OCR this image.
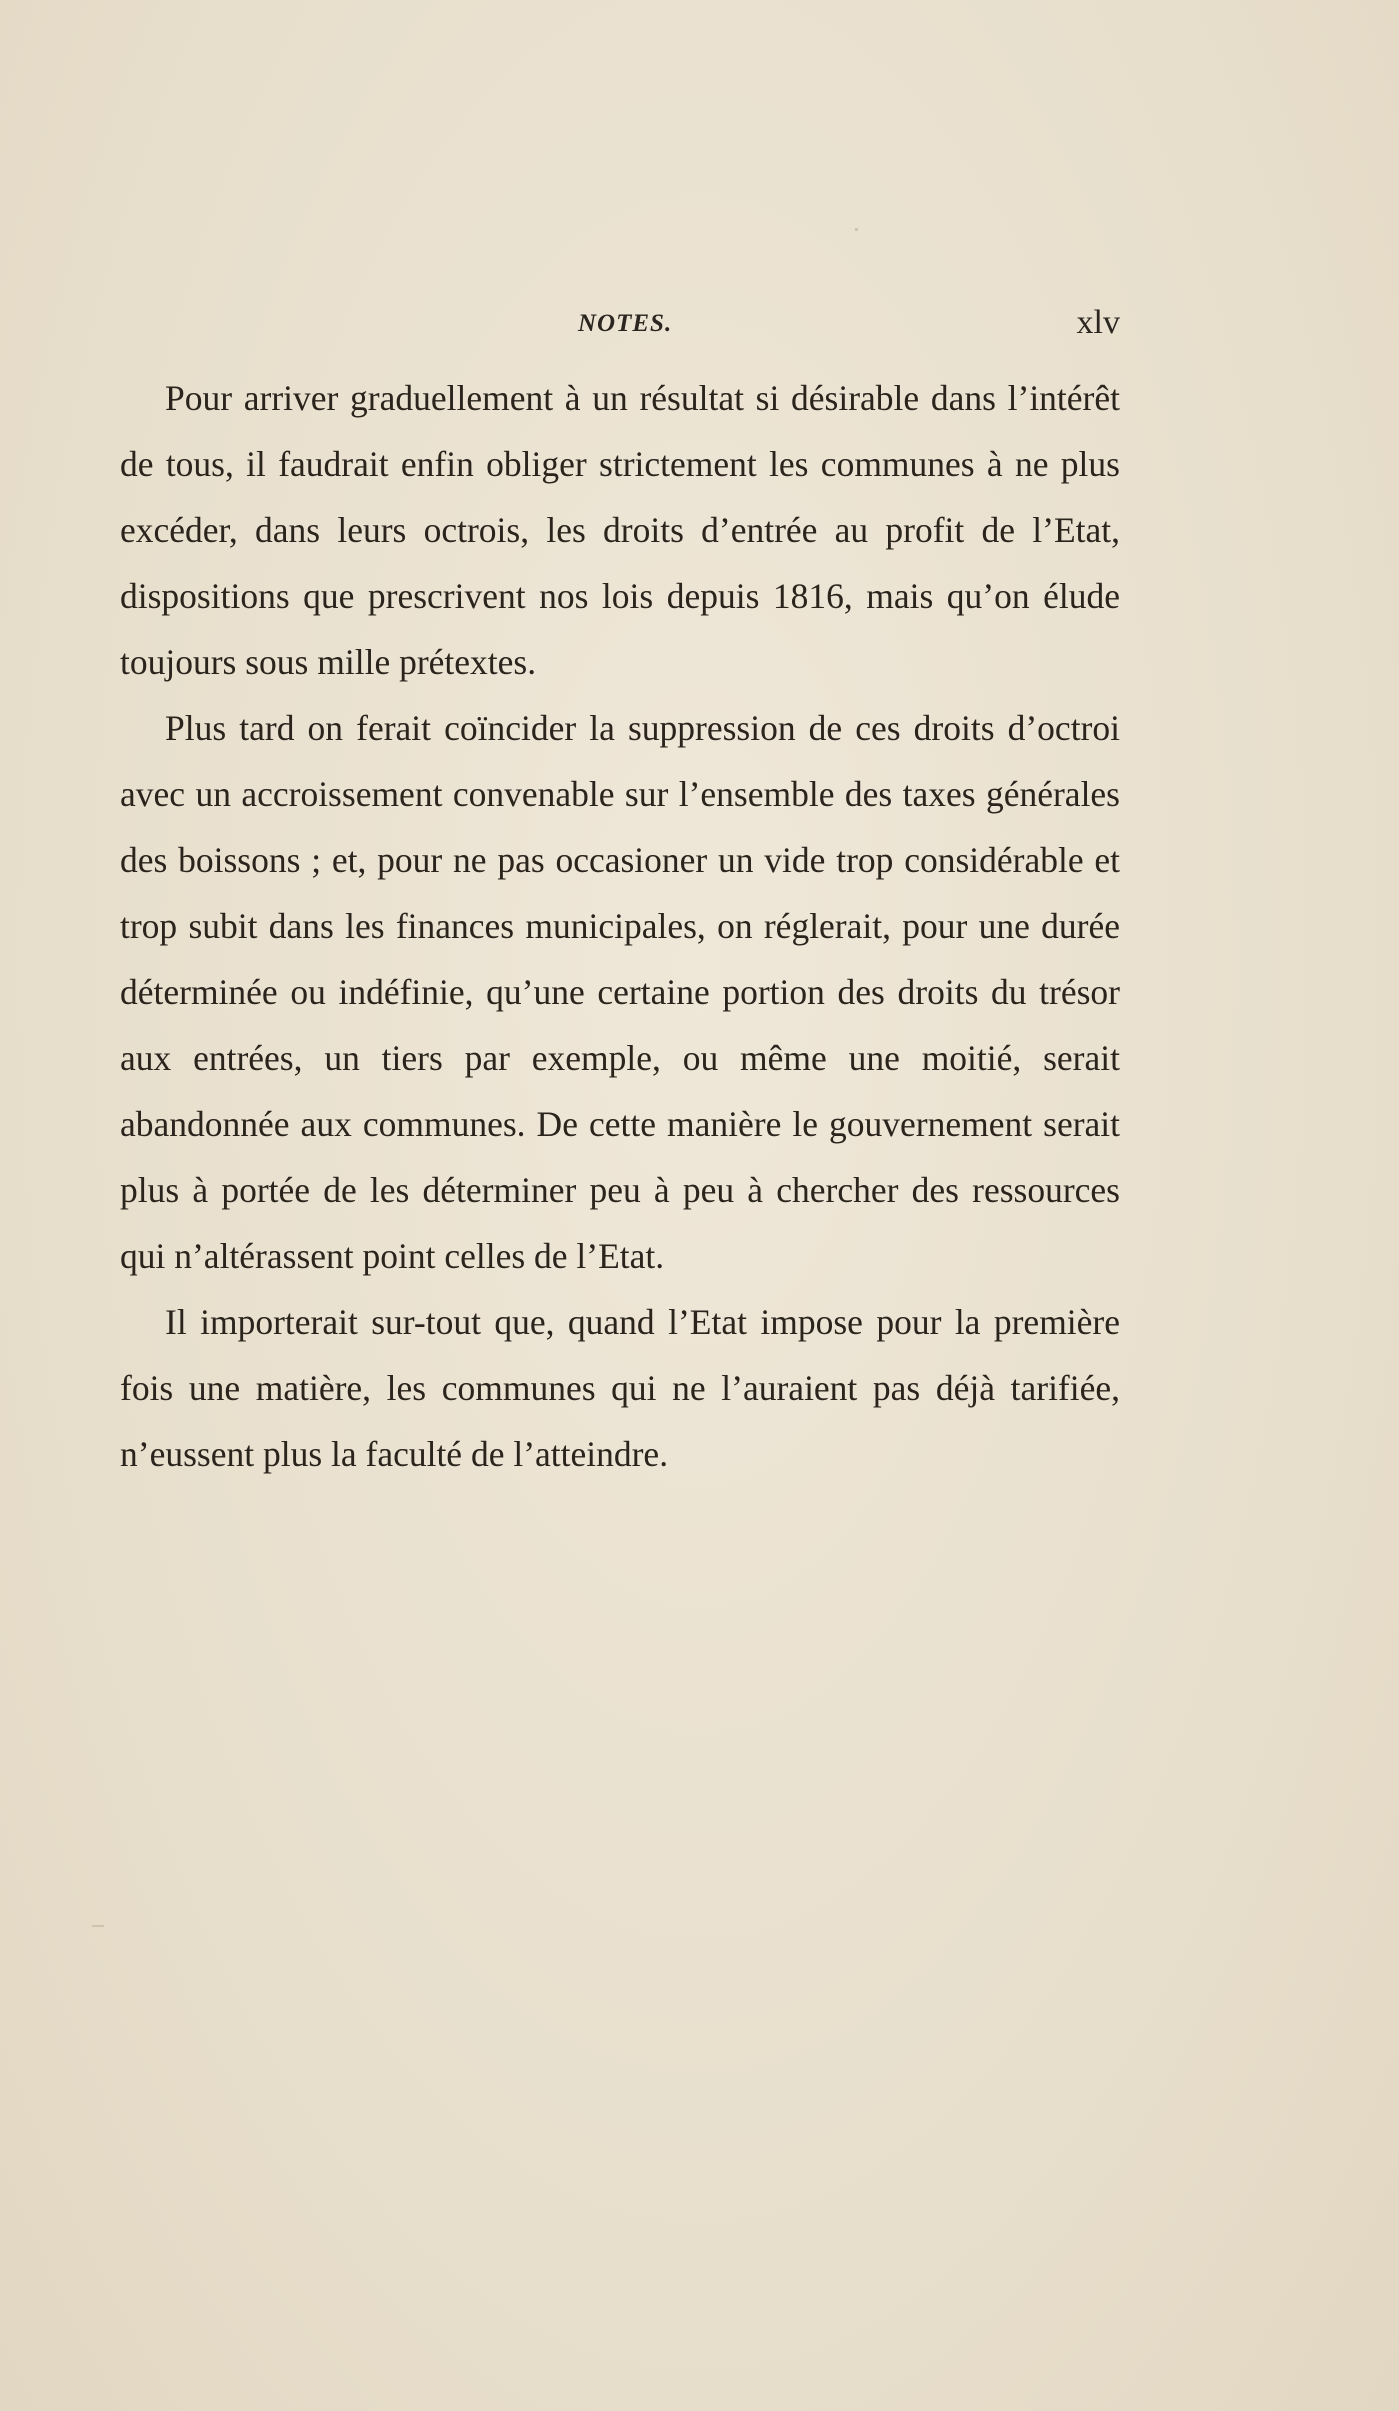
NOTES.	xlv

Pour arriver graduellement à un résultat si désirable dans l’intérêt de tous, il faudrait enfin obliger strictement les communes à ne plus excéder, dans leurs octrois, les droits d’entrée au profit de l’Etat, dispositions que prescrivent nos lois depuis 1816, mais qu’on élude toujours sous mille prétextes.

Plus tard on ferait coïncider la suppression de ces droits d’octroi avec un accroissement convenable sur l’ensemble des taxes générales des boissons ; et, pour ne pas occasioner un vide trop considérable et trop subit dans les finances municipales, on réglerait, pour une durée déterminée ou indéfinie, qu’une certaine portion des droits du trésor aux entrées, un tiers par exemple, ou même une moitié, serait abandonnée aux communes. De cette manière le gouvernement serait plus à portée de les déterminer peu à peu à chercher des ressources qui n’altérassent point celles de l’Etat.

Il importerait sur-tout que, quand l’Etat impose pour la première fois une matière, les communes qui ne l’auraient pas déjà tarifiée, n’eussent plus la faculté de l’atteindre.
